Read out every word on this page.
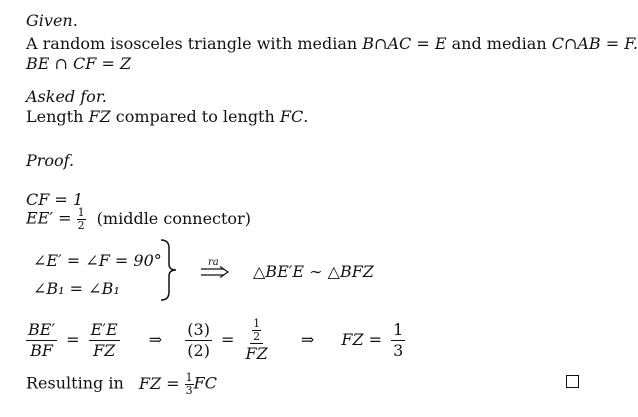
Given.
A random isosceles triangle with median B∩AC = E and median C∩AB = F.
BE ∩ CF = Z
Asked for.
Length FZ compared to length FC.
Proof.
CF = 1
$EE' = \frac{1}{2}$ (middle connector)
∠E′ = ∠F = 90°
∠B₁ = ∠B₁
ra △BE′E ∼ △BFZ
$\frac{BE'}{BF} = \frac{E'E}{FZ}$ ⇒ $\frac{(3)}{(2)} = \frac{\frac{1}{2}}{FZ}$ ⇒ FZ = $\frac{1}{3}$
Resulting in FZ = $\frac{1}{3}$ FC
